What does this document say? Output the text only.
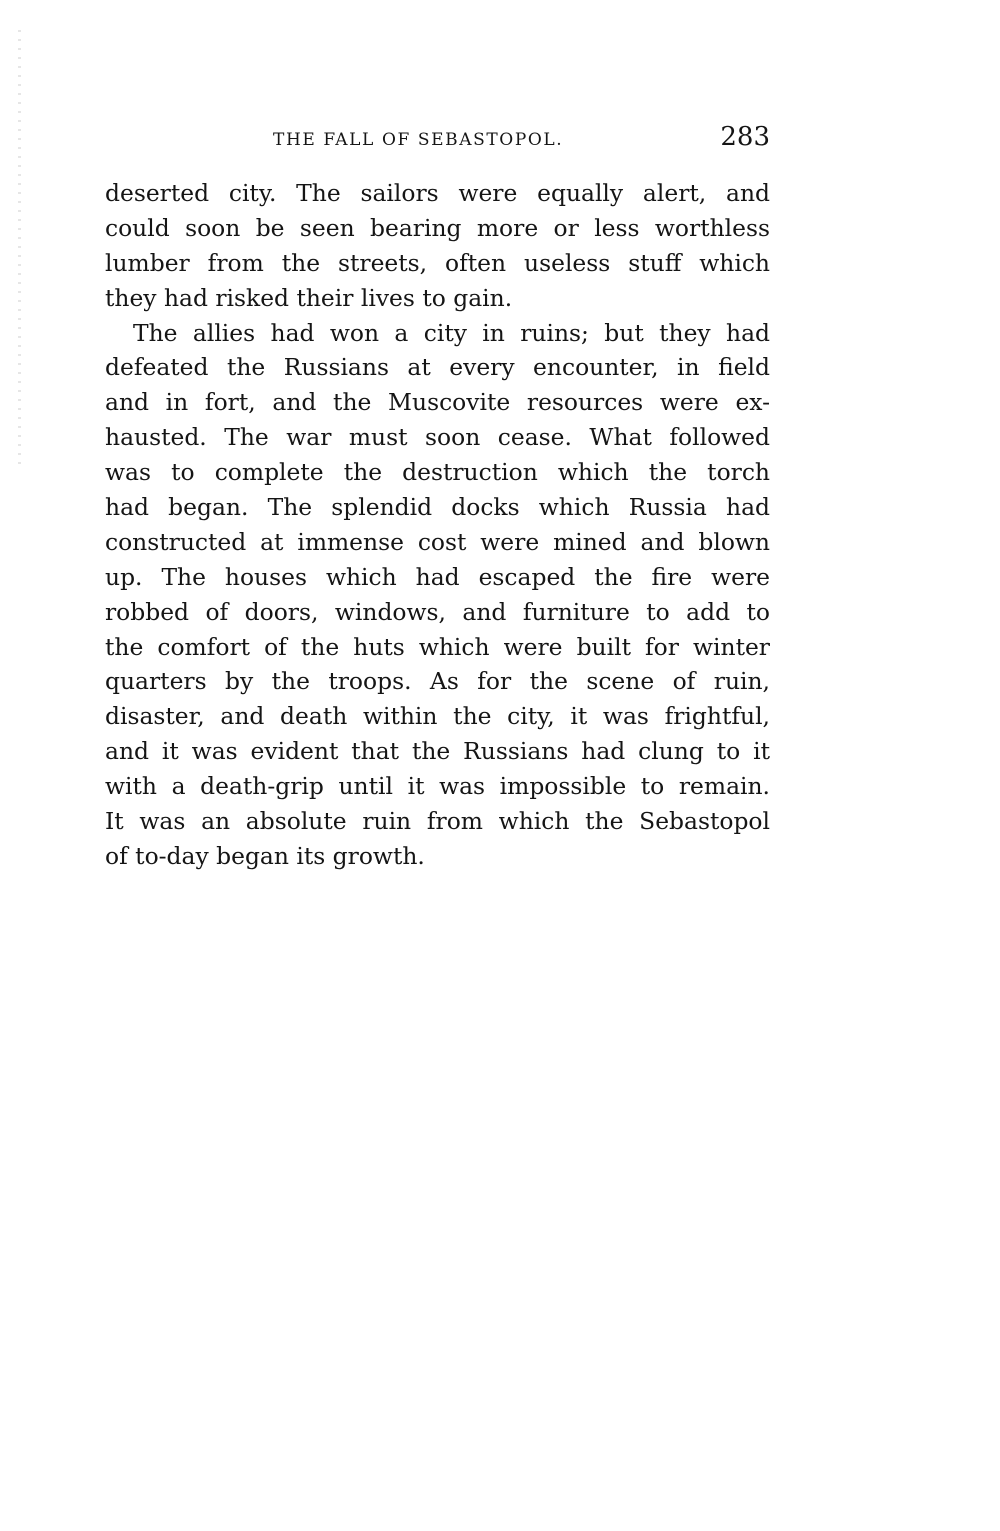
THE FALL OF SEBASTOPOL.	283
deserted city. The sailors were equally alert, and
could soon be seen bearing more or less worthless
lumber from the streets, often useless stuff which
they had risked their lives to gain.
The allies had won a city in ruins; but they had
defeated the Russians at every encounter, in field
and in fort, and the Muscovite resources were ex-
hausted. The war must soon cease. What followed
was to complete the destruction which the torch
had began. The splendid docks which Russia had
constructed at immense cost were mined and blown
up. The houses which had escaped the fire were
robbed of doors, windows, and furniture to add to
the comfort of the huts which were built for winter
quarters by the troops. As for the scene of ruin,
disaster, and death within the city, it was frightful,
and it was evident that the Russians had clung to it
with a death-grip until it was impossible to remain.
It was an absolute ruin from which the Sebastopol
of to-day began its growth.
